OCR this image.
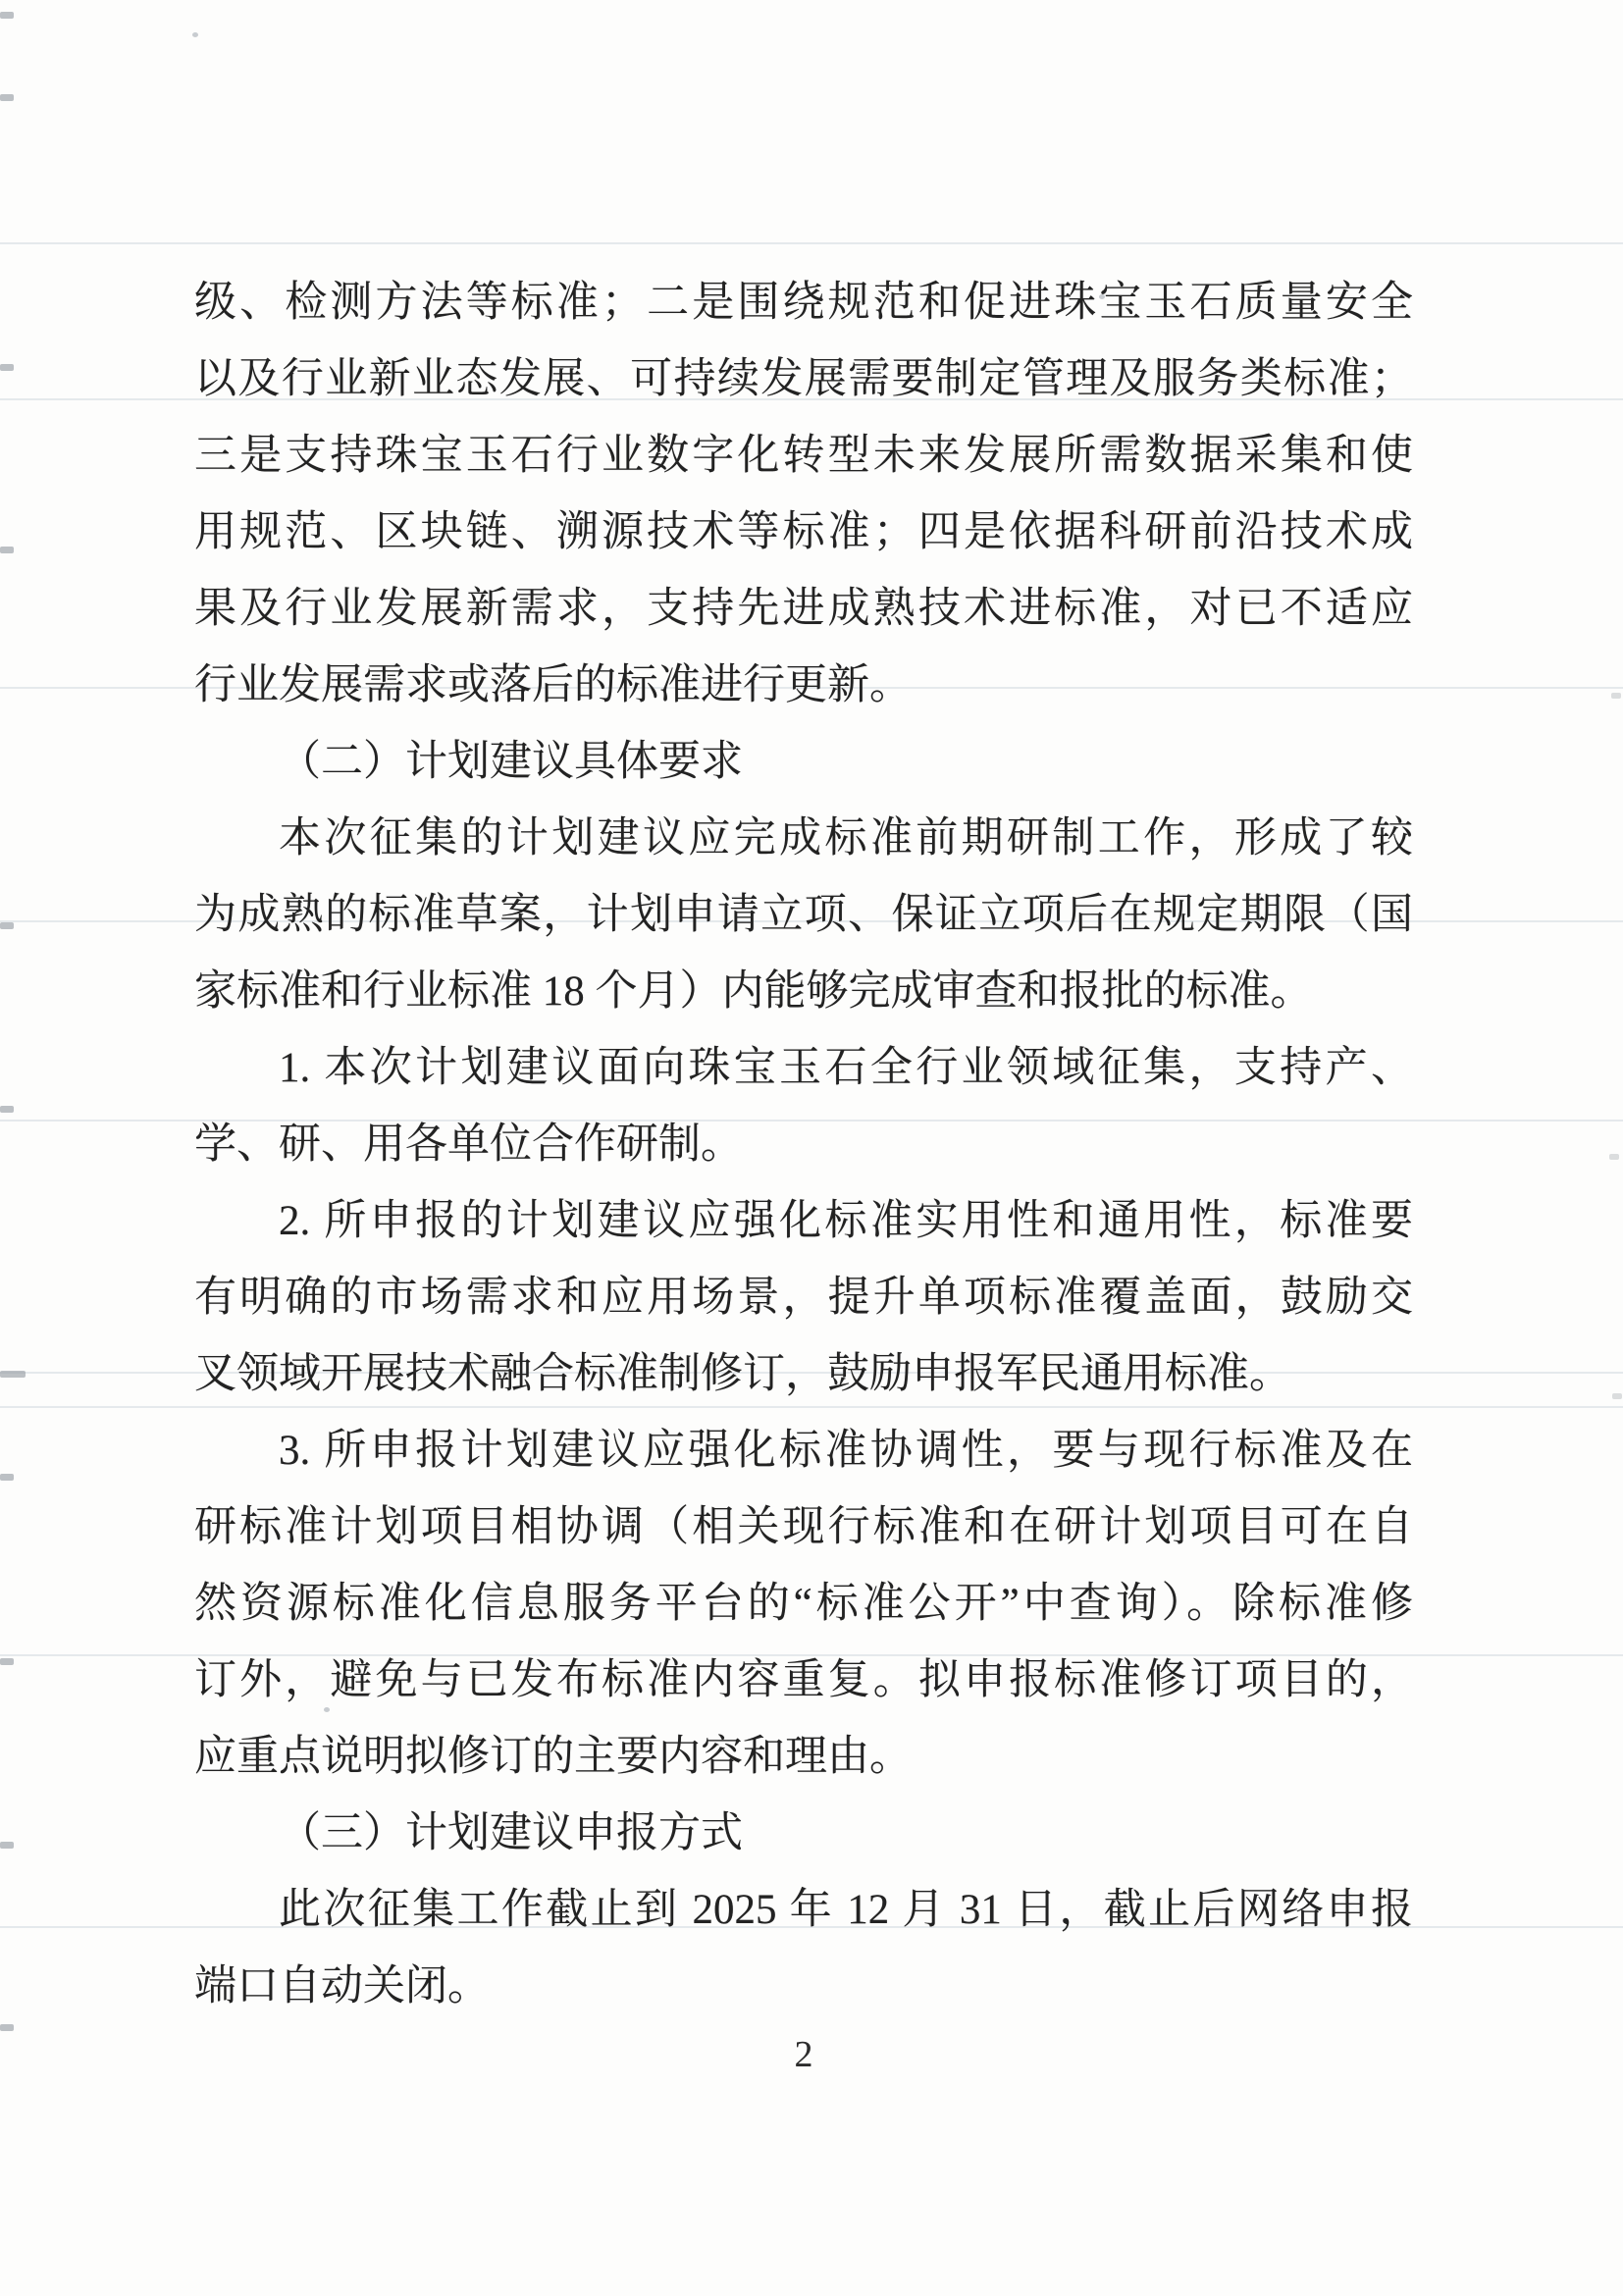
级、检测方法等标准；二是围绕规范和促进珠宝玉石质量安全
以及行业新业态发展、可持续发展需要制定管理及服务类标准；
三是支持珠宝玉石行业数字化转型未来发展所需数据采集和使
用规范、区块链、溯源技术等标准；四是依据科研前沿技术成
果及行业发展新需求，支持先进成熟技术进标准，对已不适应
行业发展需求或落后的标准进行更新。
（二）计划建议具体要求
本次征集的计划建议应完成标准前期研制工作，形成了较
为成熟的标准草案，计划申请立项、保证立项后在规定期限（国
家标准和行业标准 18 个月）内能够完成审查和报批的标准。
1. 本次计划建议面向珠宝玉石全行业领域征集，支持产、
学、研、用各单位合作研制。
2. 所申报的计划建议应强化标准实用性和通用性，标准要
有明确的市场需求和应用场景，提升单项标准覆盖面，鼓励交
叉领域开展技术融合标准制修订，鼓励申报军民通用标准。
3. 所申报计划建议应强化标准协调性，要与现行标准及在
研标准计划项目相协调（相关现行标准和在研计划项目可在自
然资源标准化信息服务平台的“标准公开”中查询）。除标准修
订外，避免与已发布标准内容重复。拟申报标准修订项目的，
应重点说明拟修订的主要内容和理由。
（三）计划建议申报方式
此次征集工作截止到 2025 年 12 月 31 日，截止后网络申报
端口自动关闭。
2
